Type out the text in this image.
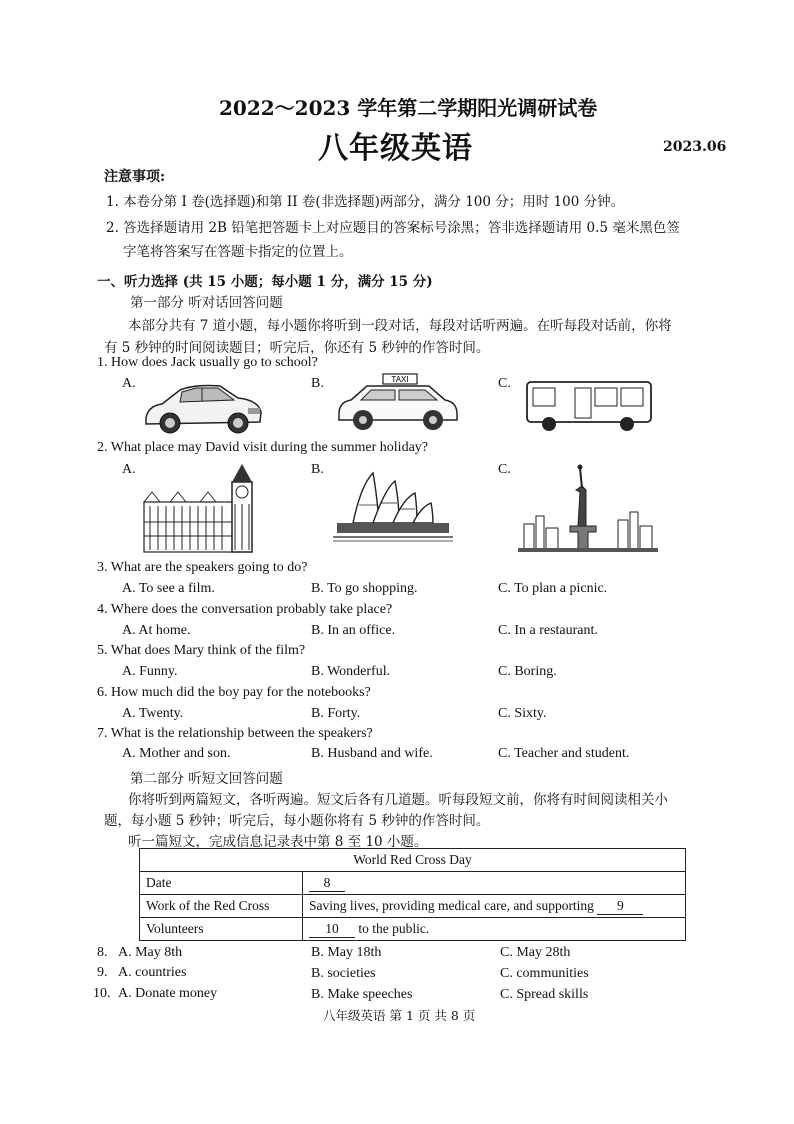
2022～2023 学年第二学期阳光调研试卷
八年级英语	2023.06
注意事项:
1. 本卷分第 I 卷(选择题)和第 II 卷(非选择题)两部分，满分 100 分；用时 100 分钟。
2. 答选择题请用 2B 铅笔把答题卡上对应题目的答案标号涂黑；答非选择题请用 0.5 毫米黑色签
字笔将答案写在答题卡指定的位置上。
一、听力选择 (共 15 小题；每小题 1 分，满分 15 分)
第一部分 听对话回答问题
本部分共有 7 道小题，每小题你将听到一段对话，每段对话听两遍。在听每段对话前，你将
有 5 秒钟的时间阅读题目；听完后，你还有 5 秒钟的作答时间。
1. How does Jack usually go to school?
A.	B.	C.
TAXI
2. What place may David visit during the summer holiday?
A.	B.	C.
3. What are the speakers going to do?
A. To see a film.	B. To go shopping.	C. To plan a picnic.
4. Where does the conversation probably take place?
A. At home.	B. In an office.	C. In a restaurant.
5. What does Mary think of the film?
A. Funny.	B. Wonderful.	C. Boring.
6. How much did the boy pay for the notebooks?
A. Twenty.	B. Forty.	C. Sixty.
7. What is the relationship between the speakers?
A. Mother and son.	B. Husband and wife.	C. Teacher and student.
第二部分 听短文回答问题
你将听到两篇短文，各听两遍。短文后各有几道题。听每段短文前，你将有时间阅读相关小
题，每小题 5 秒钟；听完后，每小题你将有 5 秒钟的作答时间。
听一篇短文，完成信息记录表中第 8 至 10 小题。
World Red Cross Day	
Date	8
Work of the Red Cross	Saving lives, providing medical care, and supporting 9
Volunteers	10 to the public.
8. A. May 8th	B. May 18th	C. May 28th
9. A. countries	B. societies	C. communities
10. A. Donate money	B. Make speeches	C. Spread skills
八年级英语 第 1 页 共 8 页
